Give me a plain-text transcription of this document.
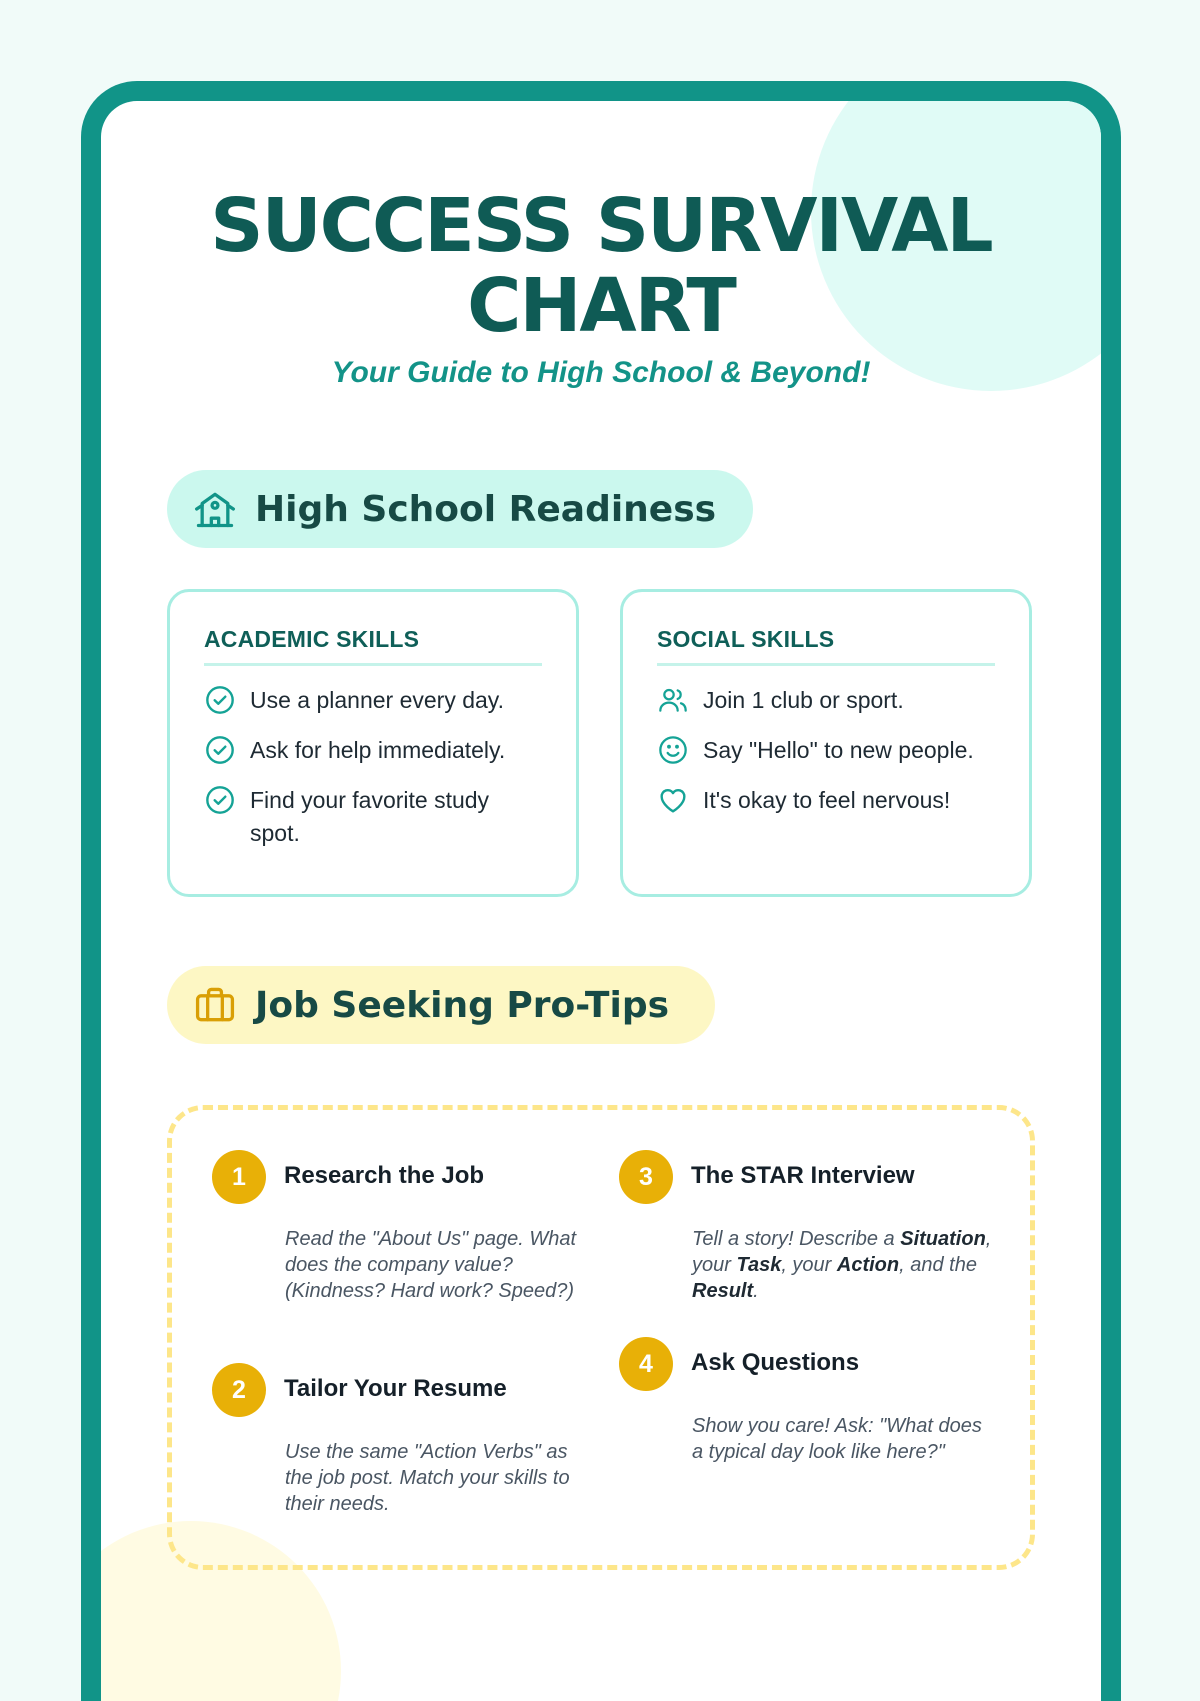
SUCCESS SURVIVAL
CHART
Your Guide to High School & Beyond!
High School Readiness
ACADEMIC SKILLS
Use a planner every day.
Ask for help immediately.
Find your favorite study spot.
SOCIAL SKILLS
Join 1 club or sport.
Say "Hello" to new people.
It's okay to feel nervous!
Job Seeking Pro-Tips
1	Research the Job
Read the "About Us" page. What does the company value? (Kindness? Hard work? Speed?)
2	Tailor Your Resume
Use the same "Action Verbs" as the job post. Match your skills to their needs.
3	The STAR Interview
Tell a story! Describe a Situation, your Task, your Action, and the Result.
4	Ask Questions
Show you care! Ask: "What does a typical day look like here?"
